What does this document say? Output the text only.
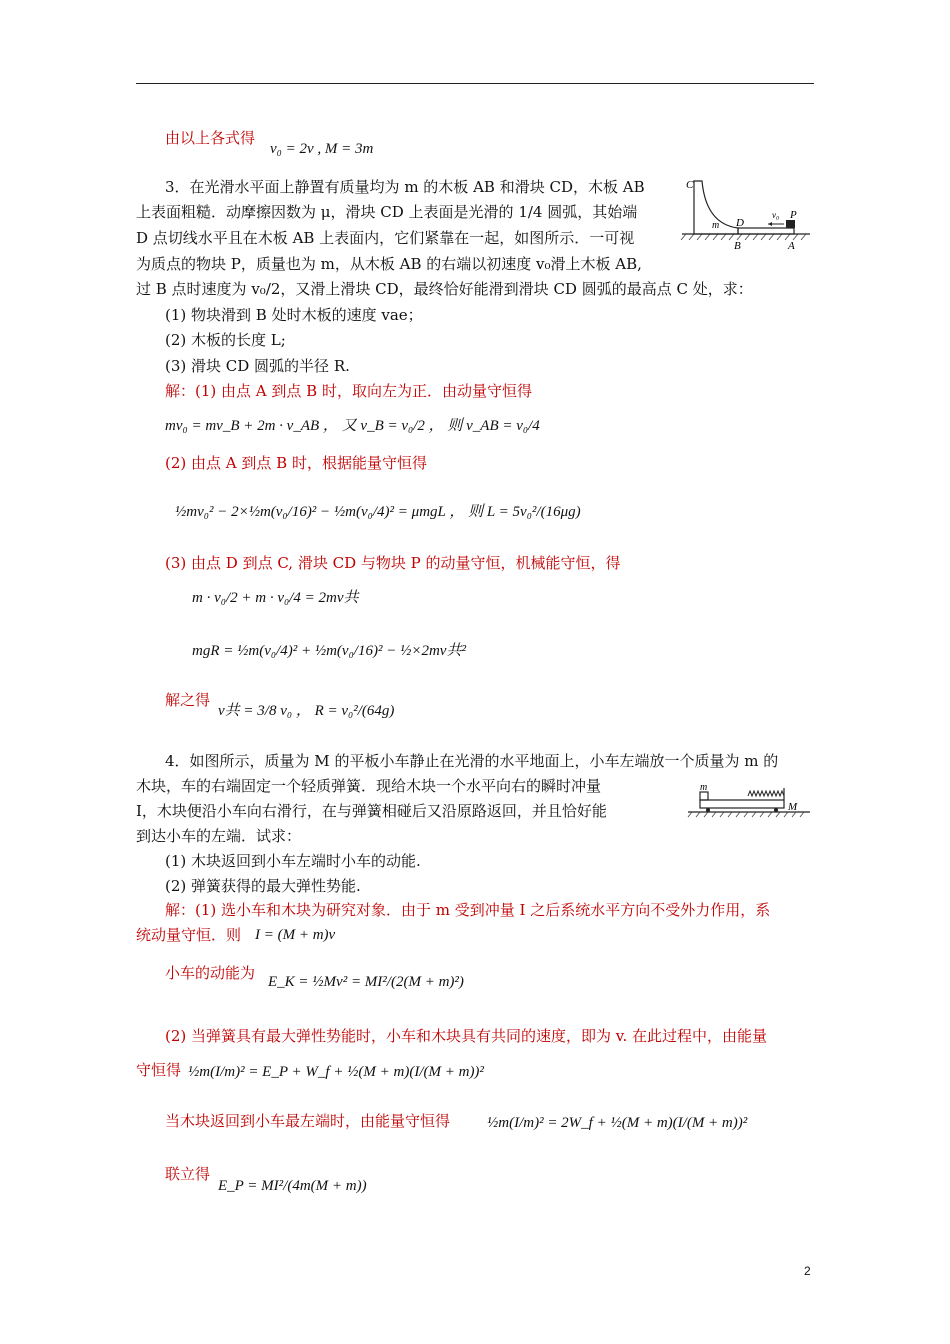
由以上各式得
v₀ = 2v , M = 3m
3．在光滑水平面上静置有质量均为 m 的木板 AB 和滑块 CD，木板 AB
上表面粗糙．动摩擦因数为 μ，滑块 CD 上表面是光滑的 1/4 圆弧，其始端
D 点切线水平且在木板 AB 上表面内，它们紧靠在一起，如图所示．一可视
为质点的物块 P，质量也为 m，从木板 AB 的右端以初速度 v₀滑上木板 AB,
过 B 点时速度为 v₀/2，又滑上滑块 CD，最终恰好能滑到滑块 CD 圆弧的最高点 C 处，求：
C
m D
v₀ P
B	A
(1) 物块滑到 B 处时木板的速度 vae；
(2) 木板的长度 L;
(3) 滑块 CD 圆弧的半径 R.
解：(1) 由点 A 到点 B 时，取向左为正．由动量守恒得
mv₀ = mv_B + 2m · v_AB ， 又 v_B = v₀/2 ， 则 v_AB = v₀/4
(2) 由点 A 到点 B 时，根据能量守恒得
½mv₀² − 2×½m(v₀/16)² − ½m(v₀/4)² = μmgL ， 则 L = 5v₀²/(16μg)
(3) 由点 D 到点 C, 滑块 CD 与物块 P 的动量守恒，机械能守恒，得
m · v₀/2 + m · v₀/4 = 2mv共
mgR = ½m(v₀/4)² + ½m(v₀/16)² − ½×2mv共²
解之得
v共 = 3/8 v₀ ， R = v₀²/(64g)
4．如图所示，质量为 M 的平板小车静止在光滑的水平地面上，小车左端放一个质量为 m 的
木块，车的右端固定一个轻质弹簧．现给木块一个水平向右的瞬时冲量
I，木块便沿小车向右滑行，在与弹簧相碰后又沿原路返回，并且恰好能
到达小车的左端．试求：
m
M
(1) 木块返回到小车左端时小车的动能.
(2) 弹簧获得的最大弹性势能.
解：(1) 选小车和木块为研究对象．由于 m 受到冲量 I 之后系统水平方向不受外力作用，系
统动量守恒．则 I = (M + m)v
小车的动能为 E_K = ½Mv² = MI²/(2(M + m)²)
(2) 当弹簧具有最大弹性势能时，小车和木块具有共同的速度，即为 v. 在此过程中，由能量
守恒得 ½m(I/m)² = E_P + W_f + ½(M + m)(I/(M + m))²
当木块返回到小车最左端时，由能量守恒得 ½m(I/m)² = 2W_f + ½(M + m)(I/(M + m))²
联立得
E_P = MI²/(4m(M + m))
2
